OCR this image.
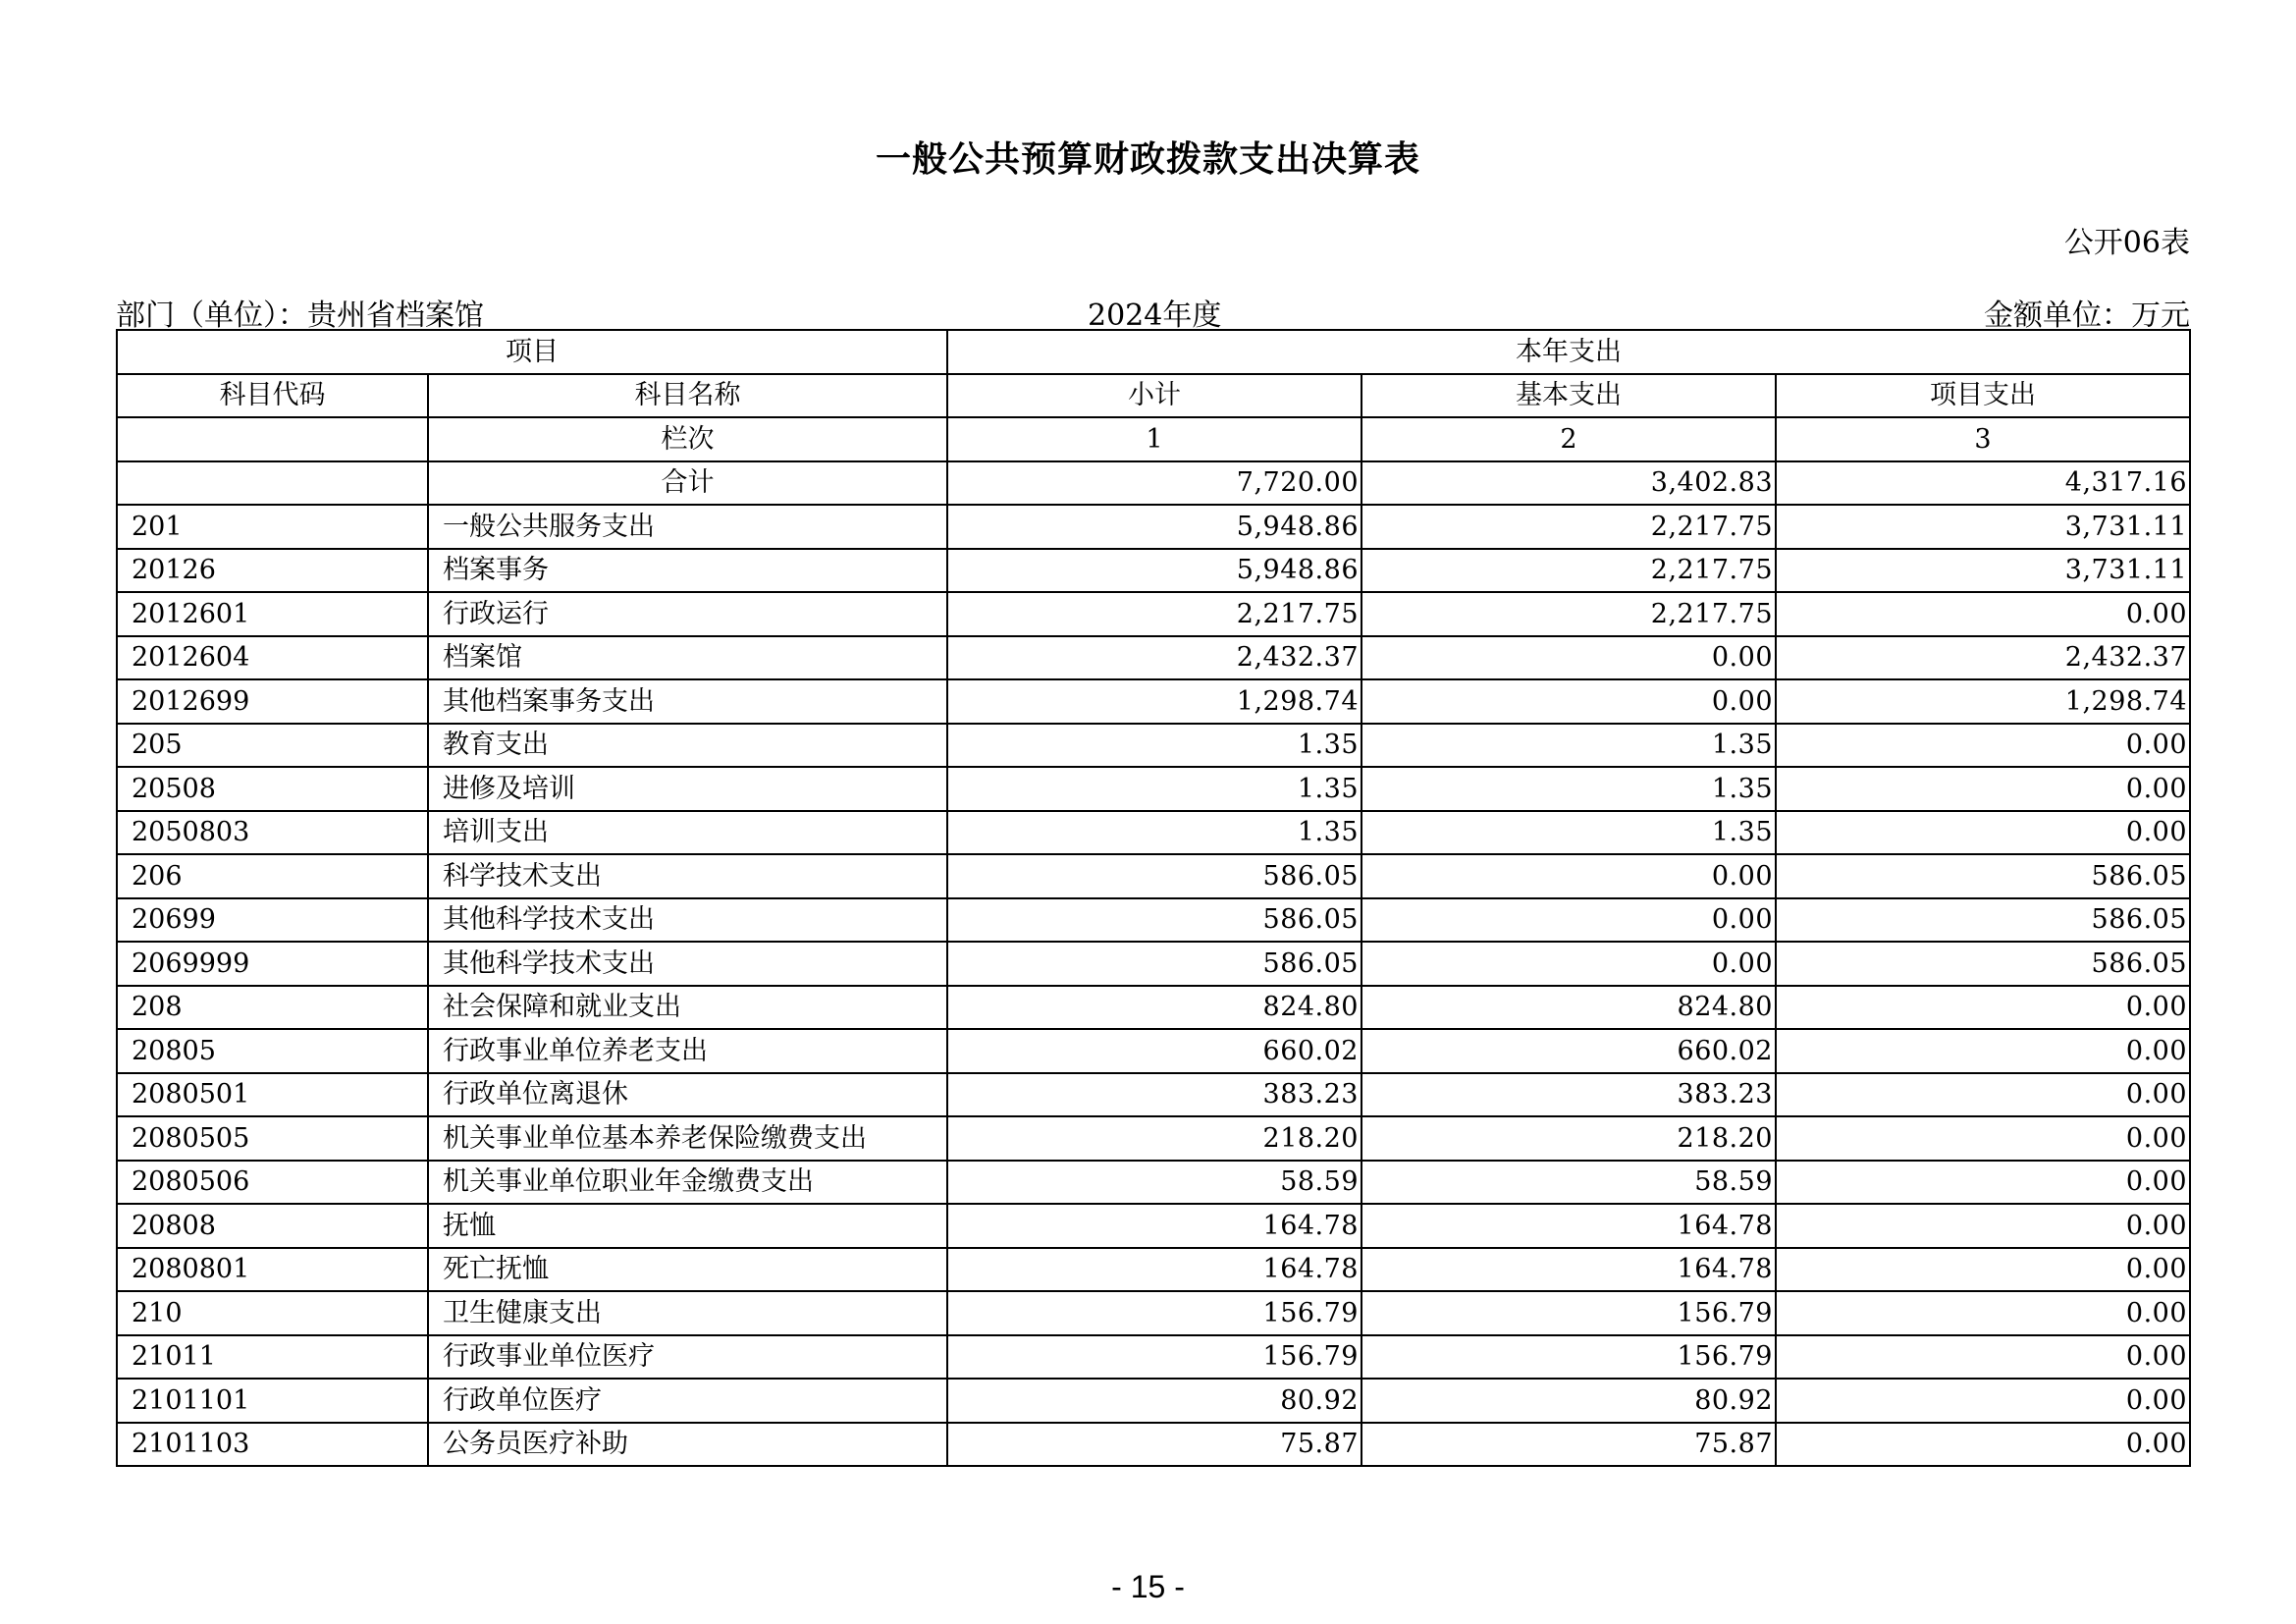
一般公共预算财政拨款支出决算表
公开06表
部门（单位）：贵州省档案馆	2024年度	金额单位：万元
项目		本年支出		
科目代码	科目名称	小计	基本支出	项目支出
	栏次	1	2	3
	合计	7,720.00	3,402.83	4,317.16
201	一般公共服务支出	5,948.86	2,217.75	3,731.11
20126	档案事务	5,948.86	2,217.75	3,731.11
2012601	行政运行	2,217.75	2,217.75	0.00
2012604	档案馆	2,432.37	0.00	2,432.37
2012699	其他档案事务支出	1,298.74	0.00	1,298.74
205	教育支出	1.35	1.35	0.00
20508	进修及培训	1.35	1.35	0.00
2050803	培训支出	1.35	1.35	0.00
206	科学技术支出	586.05	0.00	586.05
20699	其他科学技术支出	586.05	0.00	586.05
2069999	其他科学技术支出	586.05	0.00	586.05
208	社会保障和就业支出	824.80	824.80	0.00
20805	行政事业单位养老支出	660.02	660.02	0.00
2080501	行政单位离退休	383.23	383.23	0.00
2080505	机关事业单位基本养老保险缴费支出	218.20	218.20	0.00
2080506	机关事业单位职业年金缴费支出	58.59	58.59	0.00
20808	抚恤	164.78	164.78	0.00
2080801	死亡抚恤	164.78	164.78	0.00
210	卫生健康支出	156.79	156.79	0.00
21011	行政事业单位医疗	156.79	156.79	0.00
2101101	行政单位医疗	80.92	80.92	0.00
2101103	公务员医疗补助	75.87	75.87	0.00
- 15 -
